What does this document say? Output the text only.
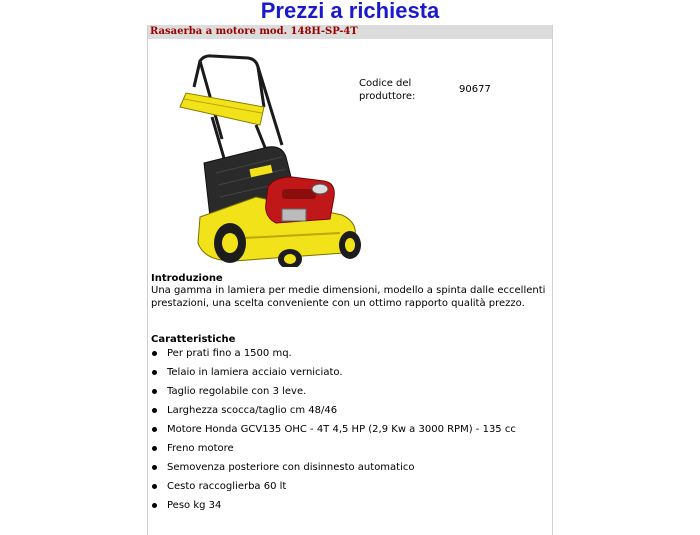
Prezzi a richiesta
Rasaerba a motore mod. 148H-SP-4T
Codice del produttore:
90677
Introduzione
Una gamma in lamiera per medie dimensioni, modello a spinta dalle eccellenti prestazioni, una scelta conveniente con un ottimo rapporto qualità prezzo.
Caratteristiche
Per prati fino a 1500 mq.
Telaio in lamiera acciaio verniciato.
Taglio regolabile con 3 leve.
Larghezza scocca/taglio cm 48/46
Motore Honda GCV135 OHC - 4T 4,5 HP (2,9 Kw a 3000 RPM) - 135 cc
Freno motore
Semovenza posteriore con disinnesto automatico
Cesto raccoglierba 60 lt
Peso kg 34
